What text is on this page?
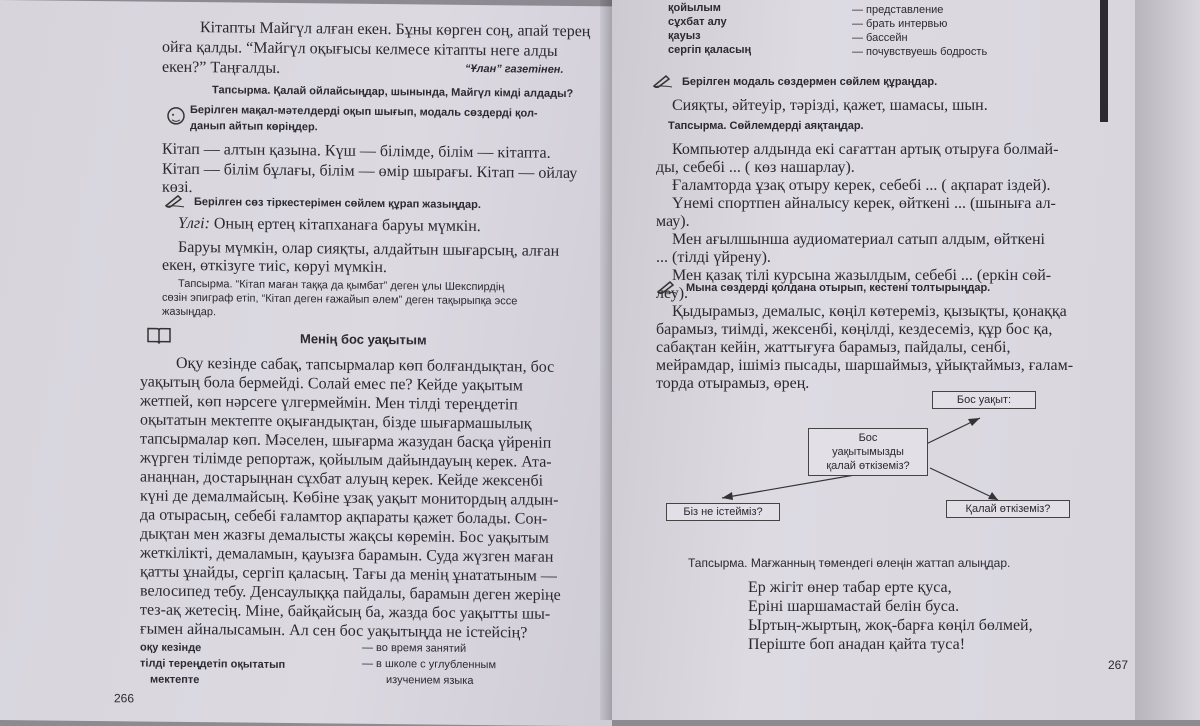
Кітапты Майгүл алған екен. Бұны көрген соң, апай терең
ойға қалды. “Майгүл оқығысы келмесе кітапты неге алды
екен?” Таңғалды.	“Ұлан” газетінен.
Тапсырма. Қалай ойлайсыңдар, шынында, Майгүл кімді алдады?
Берілген мақал-мәтелдерді оқып шығып, модаль сөздерді қол-
данып айтып көріңдер.
Кітап — алтын қазына. Күш — білімде, білім — кітапта.
Кітап — білім бұлағы, білім — өмір шырағы. Кітап — ойлау
көзі.
Берілген сөз тіркестерімен сөйлем құрап жазыңдар.
Үлгі: Оның ертең кітапханаға баруы мүмкін.
Баруы мүмкін, олар сияқты, алдайтын шығарсың, алған
екен, өткізуге тиіс, көруі мүмкін.
Тапсырма. “Кітап маған таққа да қымбат” деген ұлы Шекспирдің
сөзін эпиграф етіп, “Кітап деген ғажайып әлем” деген тақырыпқа эссе
жазыңдар.
Менің бос уақытым
Оқу кезінде сабақ, тапсырмалар көп болғандықтан, бос
уақытың бола бермейді. Солай емес пе? Кейде уақытым
жетпей, көп нәрсеге үлгермеймін. Мен тілді тереңдетіп
оқытатын мектепте оқығандықтан, бізде шығармашылық
тапсырмалар көп. Мәселен, шығарма жазудан басқа үйреніп
жүрген тілімде репортаж, қойылым дайындауың керек. Ата-
анаңнан, достарыңнан сұхбат алуың керек. Кейде жексенбі
күні де демалмайсың. Көбіне ұзақ уақыт монитордың алдын-
да отырасың, себебі ғаламтор ақпараты қажет болады. Сон-
дықтан мен жазғы демалысты жақсы көремін. Бос уақытым
жеткілікті, демаламын, қауызға барамын. Суда жүзген маған
қатты ұнайды, сергіп қаласың. Тағы да менің ұнататыным —
велосипед тебу. Денсаулыққа пайдалы, барамын деген жеріңе
тез-ақ жетесің. Міне, байқайсың ба, жазда бос уақытты шы-
ғымен айналысамын. Ал сен бос уақытыңда не істейсің?
оқу кезінде	— во время занятий
тілді тереңдетіп оқытатып	— в школе с углубленным
мектепте	изучением языка
266
қойылым	— представление
сұхбат алу	— брать интервью
қауыз	— бассейн
сергіп қаласың	— почувствуешь бодрость
Берілген модаль сөздермен сөйлем құраңдар.
Сияқты, әйтеуір, тәрізді, қажет, шамасы, шын.
Тапсырма. Сөйлемдерді аяқтаңдар.
Компьютер алдында екі сағаттан артық отыруға болмай-
ды, себебі ... ( көз нашарлау).
Ғаламторда ұзақ отыру керек, себебі ... ( ақпарат іздей).
Үнемі спортпен айналысу керек, өйткені ... (шыныға ал-
мау).
Мен ағылшынша аудиоматериал сатып алдым, өйткені
... (тілді үйрену).
Мен қазақ тілі курсына жазылдым, себебі ... (еркін сөй-
леу).
Мына сөздерді қолдана отырып, кестені толтырыңдар.
Қыдырамыз, демалыс, көңіл көтереміз, қызықты, қонаққа
барамыз, тиімді, жексенбі, көңілді, кездесеміз, құр бос қа,
сабақтан кейін, жаттығуға барамыз, пайдалы, сенбі,
мейрамдар, ішіміз пысады, шаршаймыз, ұйықтаймыз, ғалам-
торда отырамыз, өрең.
Бос
уақытымызды
қалай өткіземіз?
Бос уақыт:
Біз не істейміз?	Қалай өткіземіз?
Тапсырма. Мағжанның төмендегі өлеңін жаттап алыңдар.
Ер жігіт өнер табар ерте қуса,
Еріні шаршамастай белін буса.
Ыртың-жыртың, жоқ-барға көңіл бөлмей,
Періште боп анадан қайта туса!
267
